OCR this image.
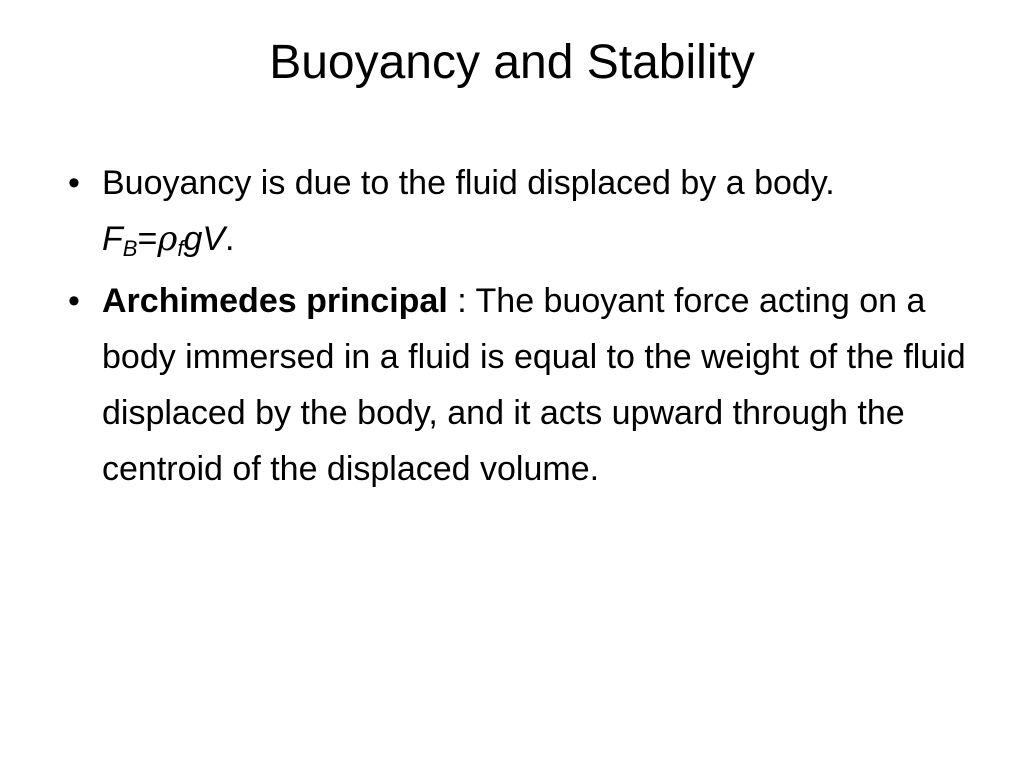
Buoyancy and Stability
• Buoyancy is due to the fluid displaced by a body.  $F_B=\rho_fgV$.
• Archimedes principal : The buoyant force acting on a body immersed in a fluid is equal to the weight of the fluid displaced by the body, and it acts upward through the centroid of the displaced volume.
